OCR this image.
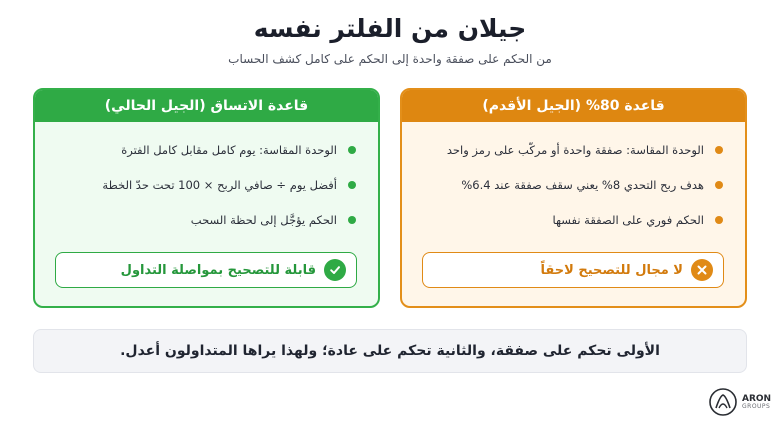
جيلان من الفلتر نفسه
من الحكم على صفقة واحدة إلى الحكم على كامل كشف الحساب
قاعدة 80% (الجيل الأقدم)
الوحدة المقاسة: صفقة واحدة أو مركّب على رمز واحد
هدف ربح التحدي 8% يعني سقف صفقة عند 6.4%
الحكم فوري على الصفقة نفسها
لا مجال للتصحيح لاحقاً
قاعدة الاتساق (الجيل الحالي)
الوحدة المقاسة: يوم كامل مقابل كامل الفترة
أفضل يوم ÷ صافي الربح × 100 تحت حدّ الخطة
الحكم يؤجَّل إلى لحظة السحب
قابلة للتصحيح بمواصلة التداول
الأولى تحكم على صفقة، والثانية تحكم على عادة؛ ولهذا يراها المتداولون أعدل.
ARON
GROUPS
